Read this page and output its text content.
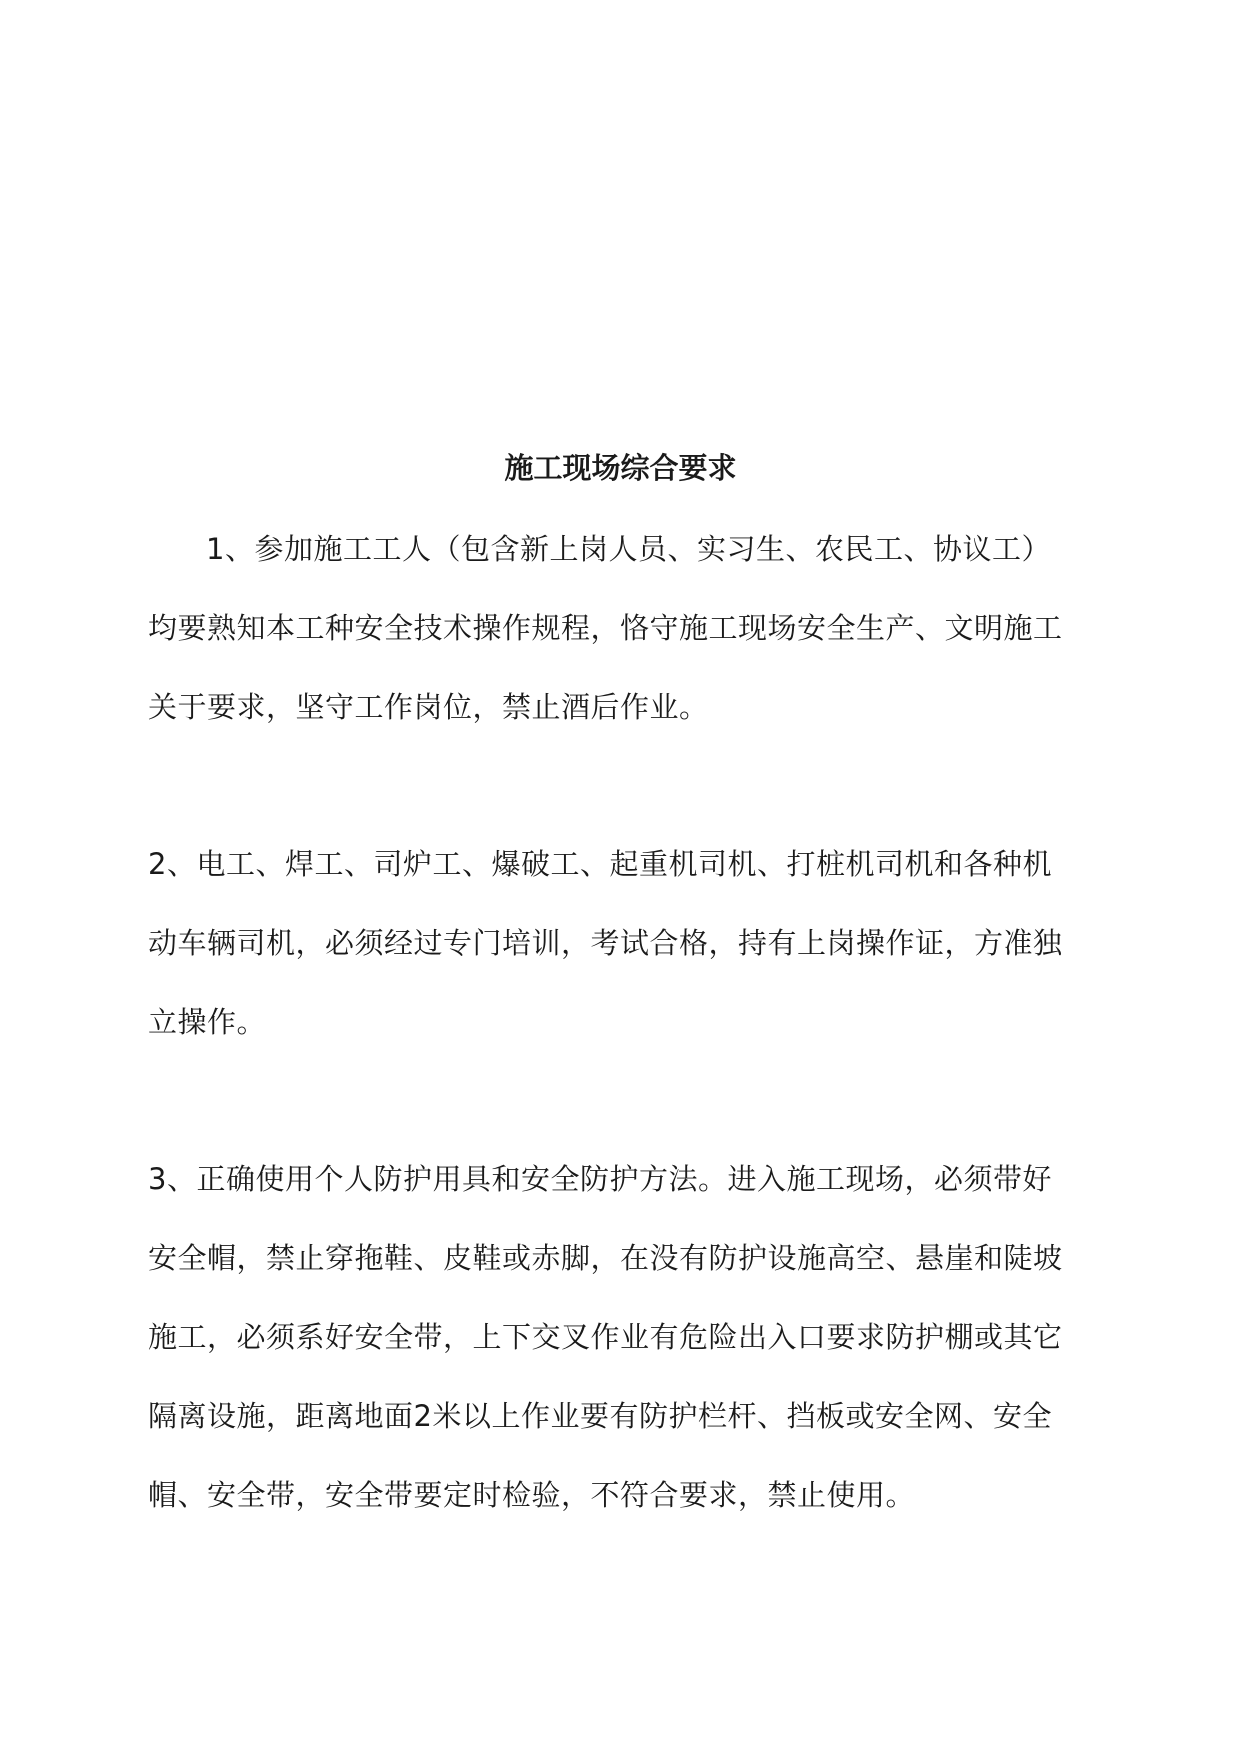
施工现场综合要求

1、参加施工工人（包含新上岗人员、实习生、农民工、协议工）
均要熟知本工种安全技术操作规程，恪守施工现场安全生产、文明施工
关于要求，坚守工作岗位，禁止酒后作业。

2、电工、焊工、司炉工、爆破工、起重机司机、打桩机司机和各种机
动车辆司机，必须经过专门培训，考试合格，持有上岗操作证，方准独
立操作。

3、正确使用个人防护用具和安全防护方法。进入施工现场，必须带好
安全帽，禁止穿拖鞋、皮鞋或赤脚，在没有防护设施高空、悬崖和陡坡
施工，必须系好安全带，上下交叉作业有危险出入口要求防护棚或其它
隔离设施，距离地面2米以上作业要有防护栏杆、挡板或安全网、安全
帽、安全带，安全带要定时检验，不符合要求，禁止使用。
